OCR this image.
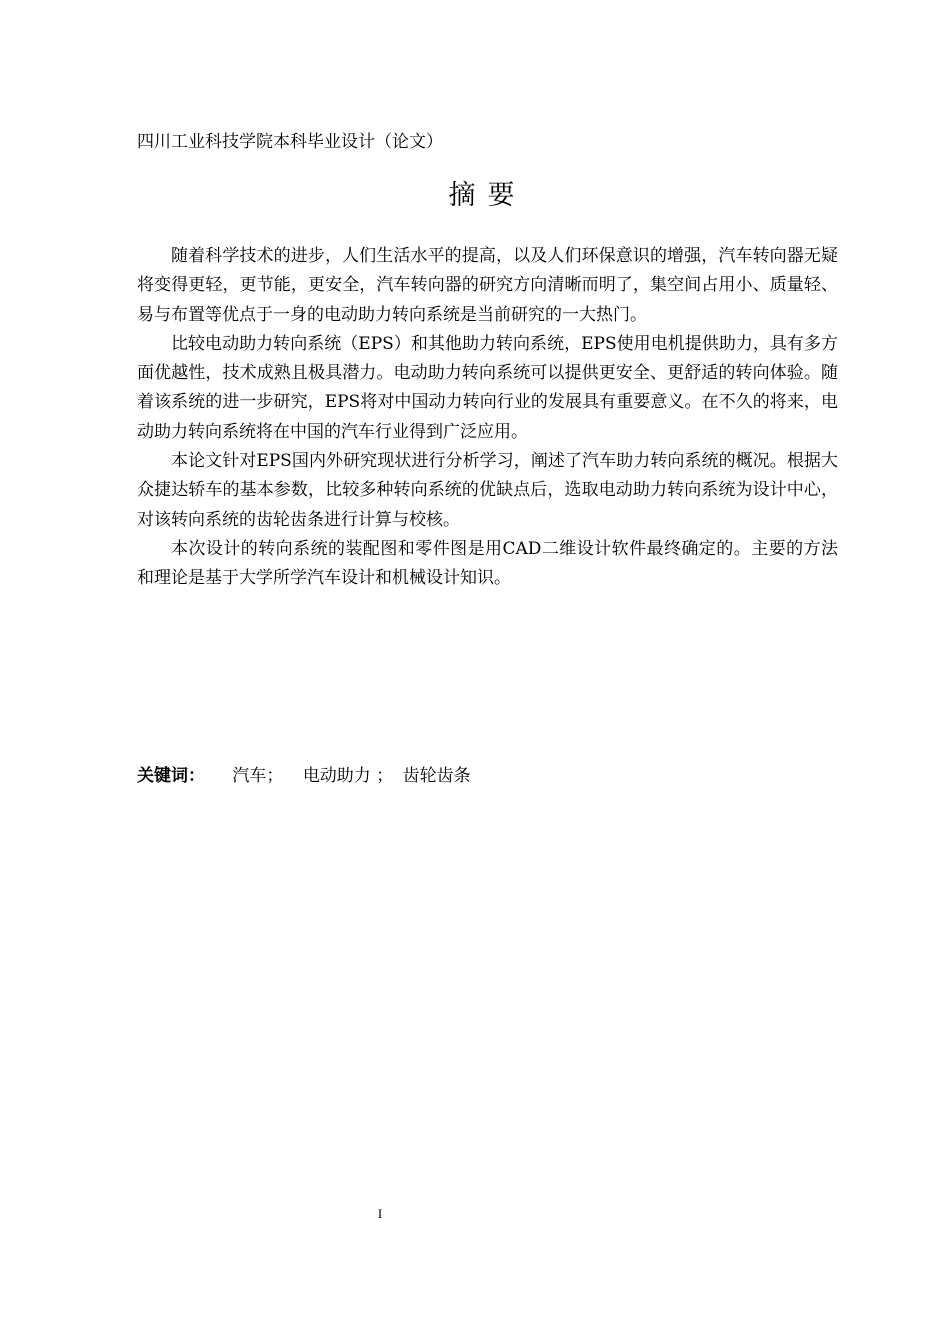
四川工业科技学院本科毕业设计（论文）
摘要

随着科学技术的进步，人们生活水平的提高，以及人们环保意识的增强，汽车转向器无疑将变得更轻，更节能，更安全，汽车转向器的研究方向清晰而明了，集空间占用小、质量轻、易与布置等优点于一身的电动助力转向系统是当前研究的一大热门。

比较电动助力转向系统（EPS）和其他助力转向系统，EPS使用电机提供助力，具有多方面优越性，技术成熟且极具潜力。电动助力转向系统可以提供更安全、更舒适的转向体验。随着该系统的进一步研究，EPS将对中国动力转向行业的发展具有重要意义。在不久的将来，电动助力转向系统将在中国的汽车行业得到广泛应用。

本论文针对EPS国内外研究现状进行分析学习，阐述了汽车助力转向系统的概况。根据大众捷达轿车的基本参数，比较多种转向系统的优缺点后，选取电动助力转向系统为设计中心，对该转向系统的齿轮齿条进行计算与校核。

本次设计的转向系统的装配图和零件图是用CAD二维设计软件最终确定的。主要的方法和理论是基于大学所学汽车设计和机械设计知识。

关键词： 汽车； 电动助力 ； 齿轮齿条
I
